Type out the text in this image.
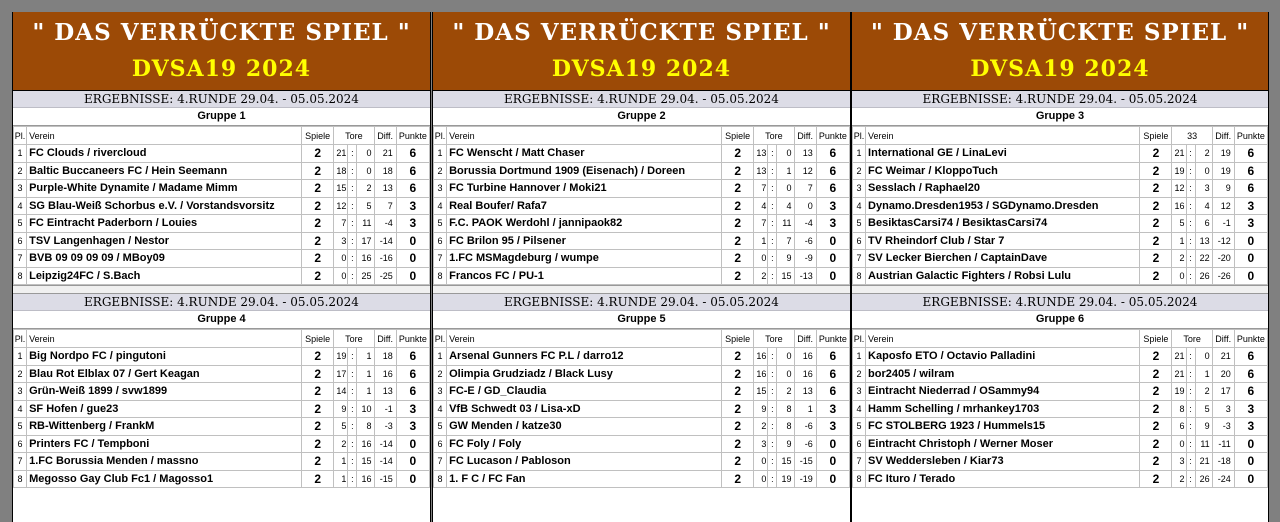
" DAS VERRÜCKTE SPIEL "
DVSA19 2024
ERGEBNISSE: 4.RUNDE 29.04. - 05.05.2024
Gruppe 1
Pl.	Verein	Spiele	Tore			Diff.	Punkte
1	FC Clouds / rivercloud	2	21	:	0	21	6
2	Baltic Buccaneers FC / Hein Seemann	2	18	:	0	18	6
3	Purple-White Dynamite / Madame Mimm	2	15	:	2	13	6
4	SG Blau-Weiß Schorbus e.V. / Vorstandsvorsitz	2	12	:	5	7	3
5	FC Eintracht Paderborn / Louies	2	7	:	11	-4	3
6	TSV Langenhagen / Nestor	2	3	:	17	-14	0
7	BVB 09 09 09 09 / MBoy09	2	0	:	16	-16	0
8	Leipzig24FC / S.Bach	2	0	:	25	-25	0
ERGEBNISSE: 4.RUNDE 29.04. - 05.05.2024
Gruppe 4
Pl.	Verein	Spiele	Tore			Diff.	Punkte
1	Big Nordpo FC / pingutoni	2	19	:	1	18	6
2	Blau Rot Elblax 07 / Gert Keagan	2	17	:	1	16	6
3	Grün-Weiß 1899 / svw1899	2	14	:	1	13	6
4	SF Hofen / gue23	2	9	:	10	-1	3
5	RB-Wittenberg / FrankM	2	5	:	8	-3	3
6	Printers FC / Tempboni	2	2	:	16	-14	0
7	1.FC Borussia Menden / massno	2	1	:	15	-14	0
8	Megosso Gay Club Fc1 / Magosso1	2	1	:	16	-15	0
" DAS VERRÜCKTE SPIEL "
DVSA19 2024
ERGEBNISSE: 4.RUNDE 29.04. - 05.05.2024
Gruppe 2
Pl.	Verein	Spiele	Tore			Diff.	Punkte
1	FC Wenscht / Matt Chaser	2	13	:	0	13	6
2	Borussia Dortmund 1909 (Eisenach) / Doreen	2	13	:	1	12	6
3	FC Turbine Hannover / Moki21	2	7	:	0	7	6
4	Real Boufer/ Rafa7	2	4	:	4	0	3
5	F.C. PAOK Werdohl / jannipaok82	2	7	:	11	-4	3
6	FC Brilon 95 / Pilsener	2	1	:	7	-6	0
7	1.FC MSMagdeburg / wumpe	2	0	:	9	-9	0
8	Francos FC / PU-1	2	2	:	15	-13	0
ERGEBNISSE: 4.RUNDE 29.04. - 05.05.2024
Gruppe 5
Pl.	Verein	Spiele	Tore			Diff.	Punkte
1	Arsenal Gunners FC P.L / darro12	2	16	:	0	16	6
2	Olimpia Grudziadz / Black Lusy	2	16	:	0	16	6
3	FC-E / GD_Claudia	2	15	:	2	13	6
4	VfB Schwedt 03 / Lisa-xD	2	9	:	8	1	3
5	GW Menden / katze30	2	2	:	8	-6	3
6	FC Foly / Foly	2	3	:	9	-6	0
7	FC Lucason / Pabloson	2	0	:	15	-15	0
8	1. F C / FC Fan	2	0	:	19	-19	0
" DAS VERRÜCKTE SPIEL "
DVSA19 2024
ERGEBNISSE: 4.RUNDE 29.04. - 05.05.2024
Gruppe 3
Pl.	Verein	Spiele	33			Diff.	Punkte
1	International GE / LinaLevi	2	21	:	2	19	6
2	FC Weimar / KloppoTuch	2	19	:	0	19	6
3	Sesslach / Raphael20	2	12	:	3	9	6
4	Dynamo.Dresden1953 / SGDynamo.Dresden	2	16	:	4	12	3
5	BesiktasCarsi74 / BesiktasCarsi74	2	5	:	6	-1	3
6	TV Rheindorf Club / Star 7	2	1	:	13	-12	0
7	SV Lecker Bierchen / CaptainDave	2	2	:	22	-20	0
8	Austrian Galactic Fighters / Robsi Lulu	2	0	:	26	-26	0
ERGEBNISSE: 4.RUNDE 29.04. - 05.05.2024
Gruppe 6
Pl.	Verein	Spiele	Tore			Diff.	Punkte
1	Kaposfo ETO / Octavio Palladini	2	21	:	0	21	6
2	bor2405 / wilram	2	21	:	1	20	6
3	Eintracht Niederrad / OSammy94	2	19	:	2	17	6
4	Hamm Schelling / mrhankey1703	2	8	:	5	3	3
5	FC STOLBERG 1923 / Hummels15	2	6	:	9	-3	3
6	Eintracht Christoph / Werner Moser	2	0	:	11	-11	0
7	SV Weddersleben / Kiar73	2	3	:	21	-18	0
8	FC Ituro / Terado	2	2	:	26	-24	0
